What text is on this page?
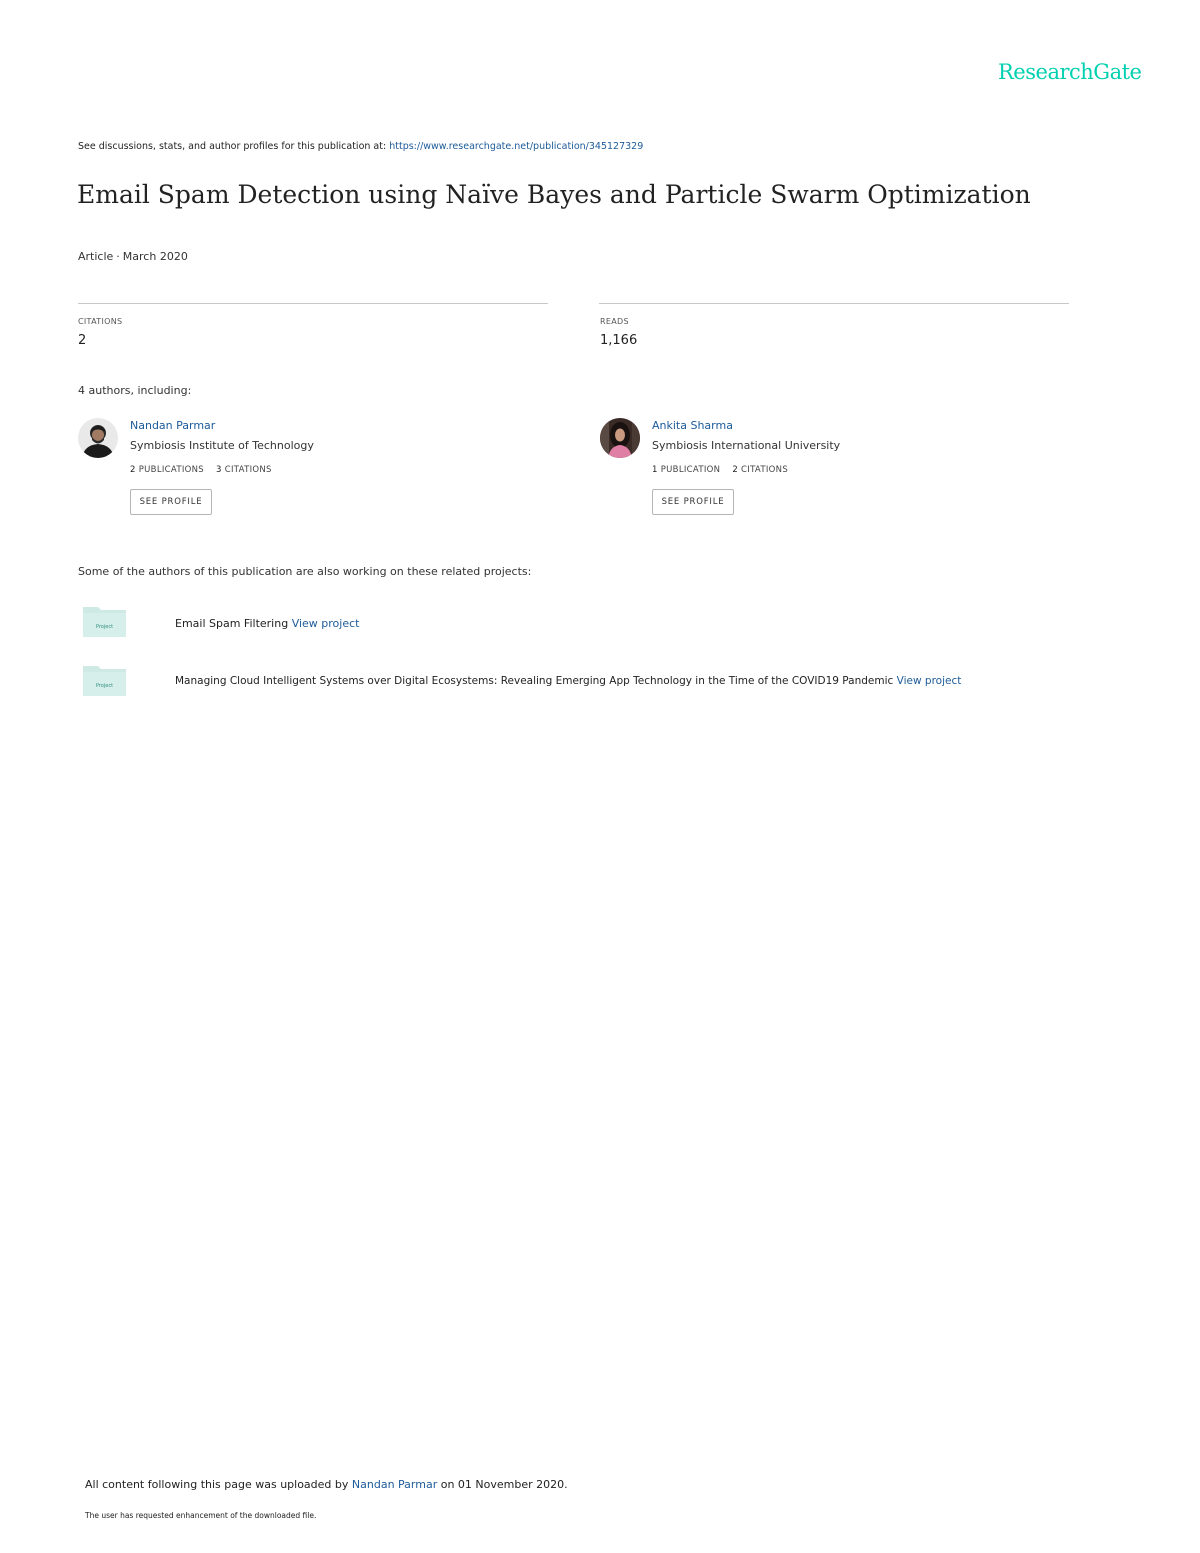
ResearchGate
See discussions, stats, and author profiles for this publication at: https://www.researchgate.net/publication/345127329
Email Spam Detection using Naïve Bayes and Particle Swarm Optimization
Article · March 2020
CITATIONS
2
READS
1,166
4 authors, including:
Nandan Parmar
Symbiosis Institute of Technology
2 PUBLICATIONS 3 CITATIONS
SEE PROFILE
Ankita Sharma
Symbiosis International University
1 PUBLICATION 2 CITATIONS
SEE PROFILE
Some of the authors of this publication are also working on these related projects:
Project	Email Spam Filtering View project
Project	Managing Cloud Intelligent Systems over Digital Ecosystems: Revealing Emerging App Technology in the Time of the COVID19 Pandemic View project
All content following this page was uploaded by Nandan Parmar on 01 November 2020.
The user has requested enhancement of the downloaded file.
